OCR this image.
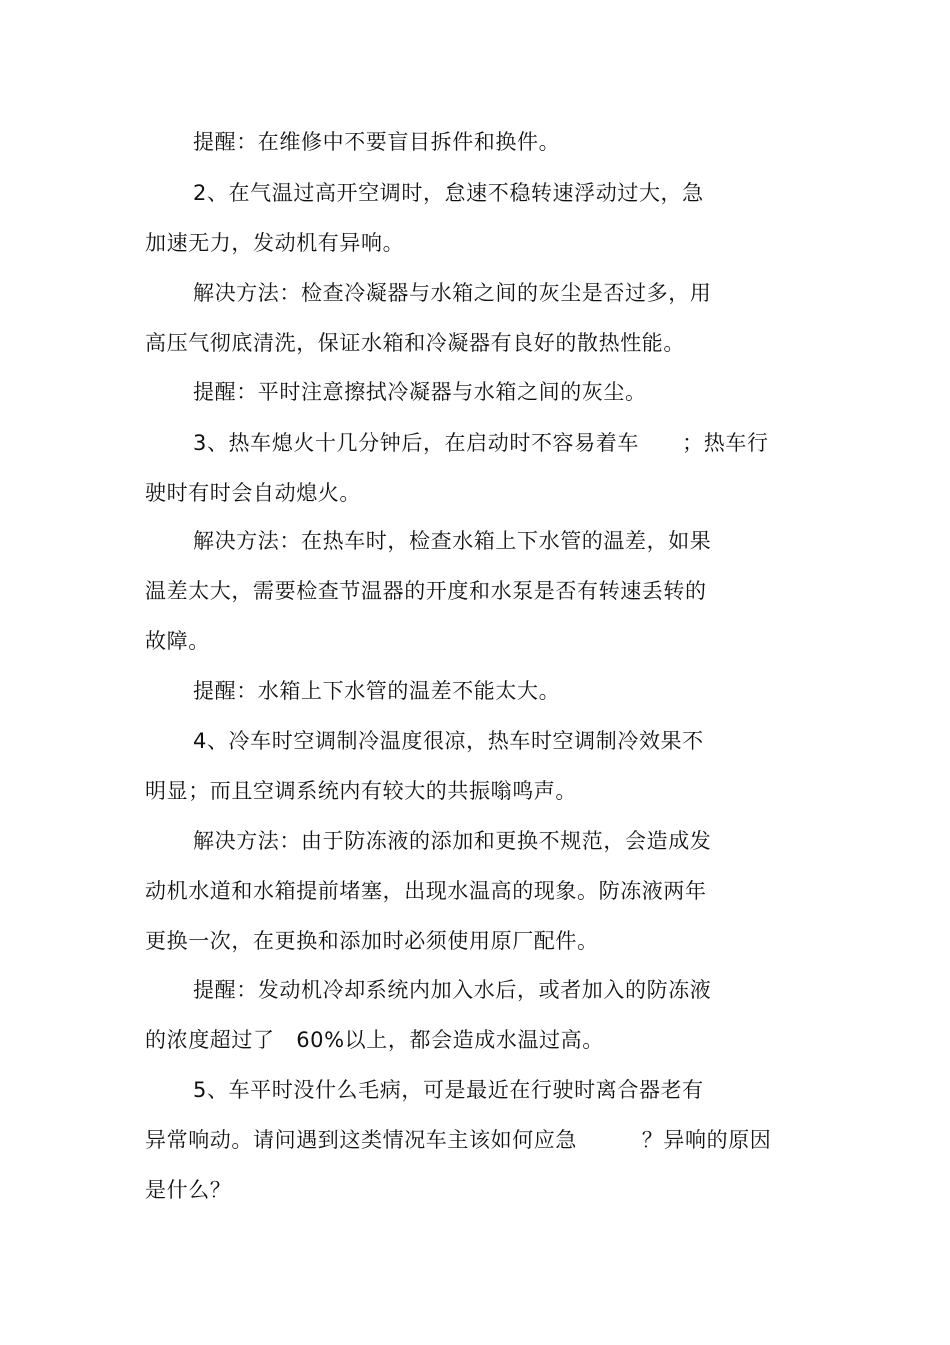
提醒：在维修中不要盲目拆件和换件。
2、在气温过高开空调时，怠速不稳转速浮动过大，急
加速无力，发动机有异响。
解决方法：检查冷凝器与水箱之间的灰尘是否过多，用
高压气彻底清洗，保证水箱和冷凝器有良好的散热性能。
提醒：平时注意擦拭冷凝器与水箱之间的灰尘。
3、热车熄火十几分钟后，在启动时不容易着车　　；热车行
驶时有时会自动熄火。
解决方法：在热车时，检查水箱上下水管的温差，如果
温差太大，需要检查节温器的开度和水泵是否有转速丢转的
故障。
提醒：水箱上下水管的温差不能太大。
4、冷车时空调制冷温度很凉，热车时空调制冷效果不
明显；而且空调系统内有较大的共振嗡鸣声。
解决方法：由于防冻液的添加和更换不规范，会造成发
动机水道和水箱提前堵塞，出现水温高的现象。防冻液两年
更换一次，在更换和添加时必须使用原厂配件。
提醒：发动机冷却系统内加入水后，或者加入的防冻液
的浓度超过了　60%以上，都会造成水温过高。
5、车平时没什么毛病，可是最近在行驶时离合器老有
异常响动。请问遇到这类情况车主该如何应急　　　？异响的原因
是什么？
